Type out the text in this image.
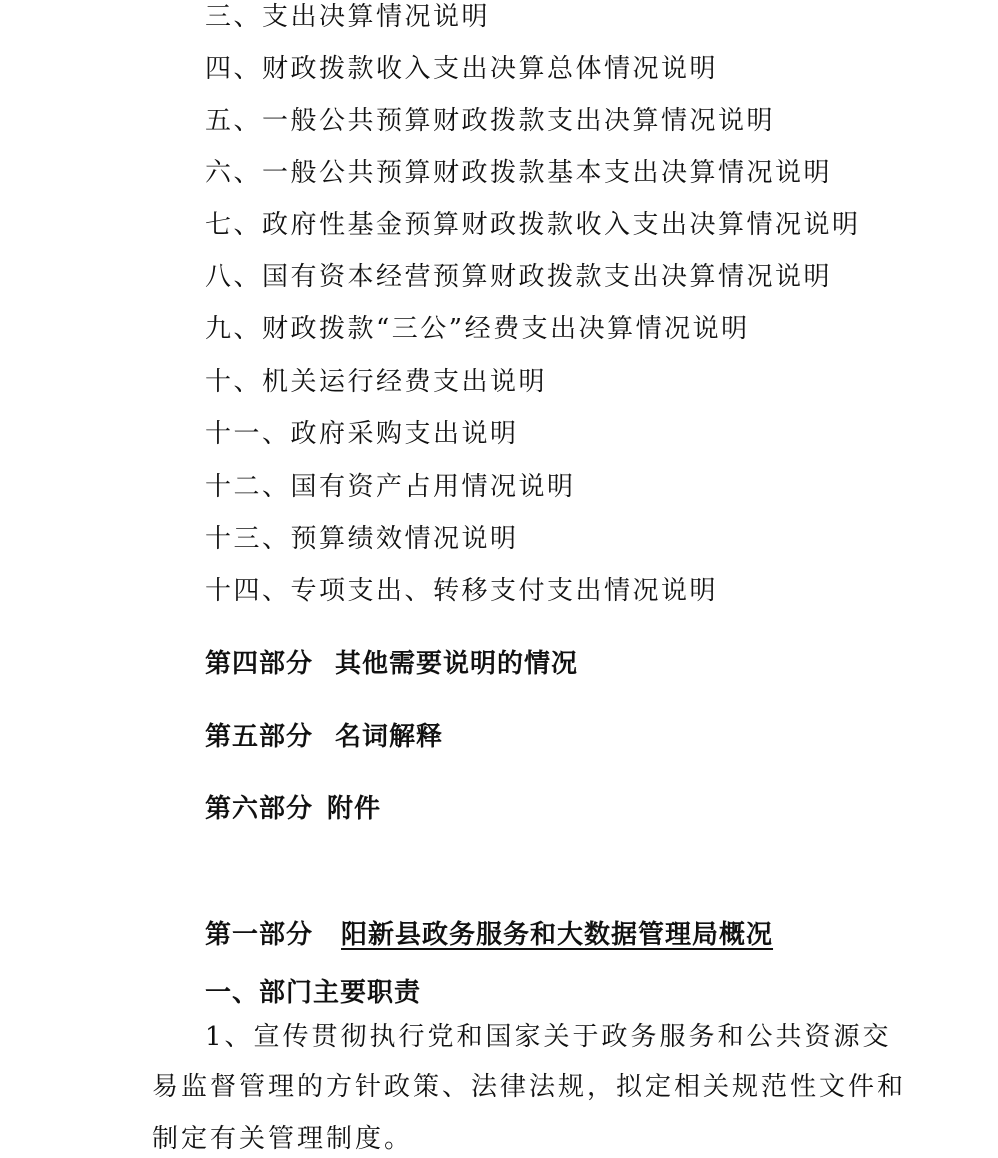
三、支出决算情况说明
四、财政拨款收入支出决算总体情况说明
五、一般公共预算财政拨款支出决算情况说明
六、一般公共预算财政拨款基本支出决算情况说明
七、政府性基金预算财政拨款收入支出决算情况说明
八、国有资本经营预算财政拨款支出决算情况说明
九、财政拨款“三公”经费支出决算情况说明
十、机关运行经费支出说明
十一、政府采购支出说明
十二、国有资产占用情况说明
十三、预算绩效情况说明
十四、专项支出、转移支付支出情况说明
第四部分 其他需要说明的情况
第五部分 名词解释
第六部分 附件
第一部分 阳新县政务服务和大数据管理局概况
一、部门主要职责
1、宣传贯彻执行党和国家关于政务服务和公共资源交
易监督管理的方针政策、法律法规，拟定相关规范性文件和
制定有关管理制度。
